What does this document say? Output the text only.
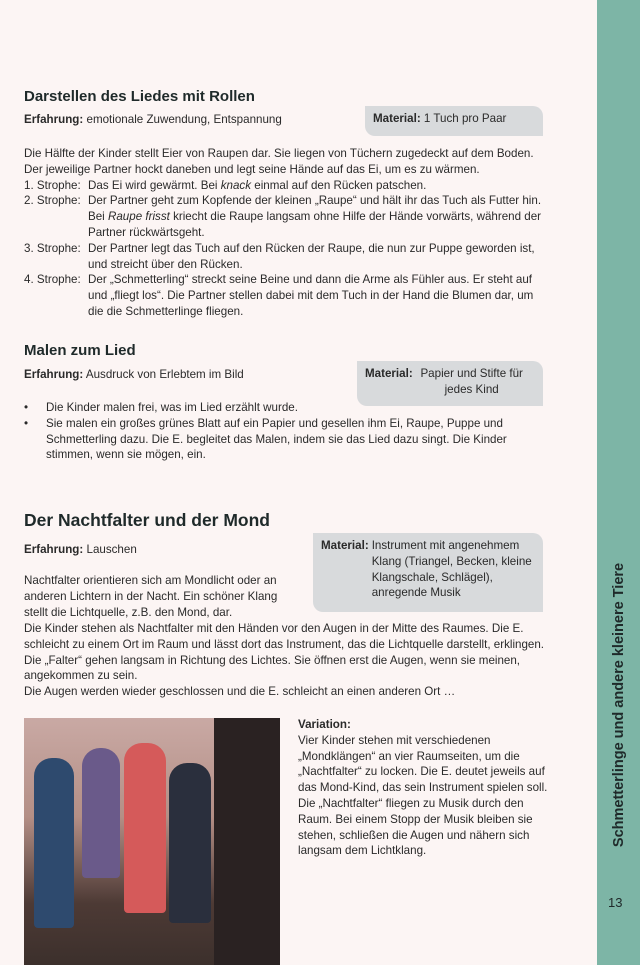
Schmetterlinge und andere kleinere Tiere
13
Darstellen des Liedes mit Rollen
Erfahrung: emotionale Zuwendung, Entspannung	Material: 1 Tuch pro Paar
Die Hälfte der Kinder stellt Eier von Raupen dar. Sie liegen von Tüchern zugedeckt auf dem Boden. Der jeweilige Partner hockt daneben und legt seine Hände auf das Ei, um es zu wärmen.
1. Strophe: Das Ei wird gewärmt. Bei knack einmal auf den Rücken patschen.
2. Strophe: Der Partner geht zum Kopfende der kleinen „Raupe“ und hält ihr das Tuch als Futter hin. Bei Raupe frisst kriecht die Raupe langsam ohne Hilfe der Hände vorwärts, während der Partner rückwärtsgeht.
3. Strophe: Der Partner legt das Tuch auf den Rücken der Raupe, die nun zur Puppe geworden ist, und streicht über den Rücken.
4. Strophe: Der „Schmetterling“ streckt seine Beine und dann die Arme als Fühler aus. Er steht auf und „fliegt los“. Die Partner stellen dabei mit dem Tuch in der Hand die Blumen dar, um die die Schmetterlinge fliegen.
Malen zum Lied
Erfahrung: Ausdruck von Erlebtem im Bild	Material: Papier und Stifte für jedes Kind
•	Die Kinder malen frei, was im Lied erzählt wurde.
•	Sie malen ein großes grünes Blatt auf ein Papier und gesellen ihm Ei, Raupe, Puppe und Schmetterling dazu. Die E. begleitet das Malen, indem sie das Lied dazu singt. Die Kinder stimmen, wenn sie mögen, ein.
Der Nachtfalter und der Mond
Erfahrung: Lauschen	Material: Instrument mit angenehmem Klang (Triangel, Becken, kleine Klangschale, Schlägel), anregende Musik
Nachtfalter orientieren sich am Mondlicht oder an anderen Lichtern in der Nacht. Ein schöner Klang stellt die Lichtquelle, z.B. den Mond, dar.
Die Kinder stehen als Nachtfalter mit den Händen vor den Augen in der Mitte des Raumes. Die E. schleicht zu einem Ort im Raum und lässt dort das Instrument, das die Lichtquelle darstellt, erklingen. Die „Falter“ gehen langsam in Richtung des Lichtes. Sie öffnen erst die Augen, wenn sie meinen, angekommen zu sein.
Die Augen werden wieder geschlossen und die E. schleicht an einen anderen Ort …
Variation:
Vier Kinder stehen mit verschiedenen „Mondklängen“ an vier Raumseiten, um die „Nachtfalter“ zu locken. Die E. deutet jeweils auf das Mond-Kind, das sein Instrument spielen soll. Die „Nachtfalter“ fliegen zu Musik durch den Raum. Bei einem Stopp der Musik bleiben sie stehen, schließen die Augen und nähern sich langsam dem Lichtklang.
